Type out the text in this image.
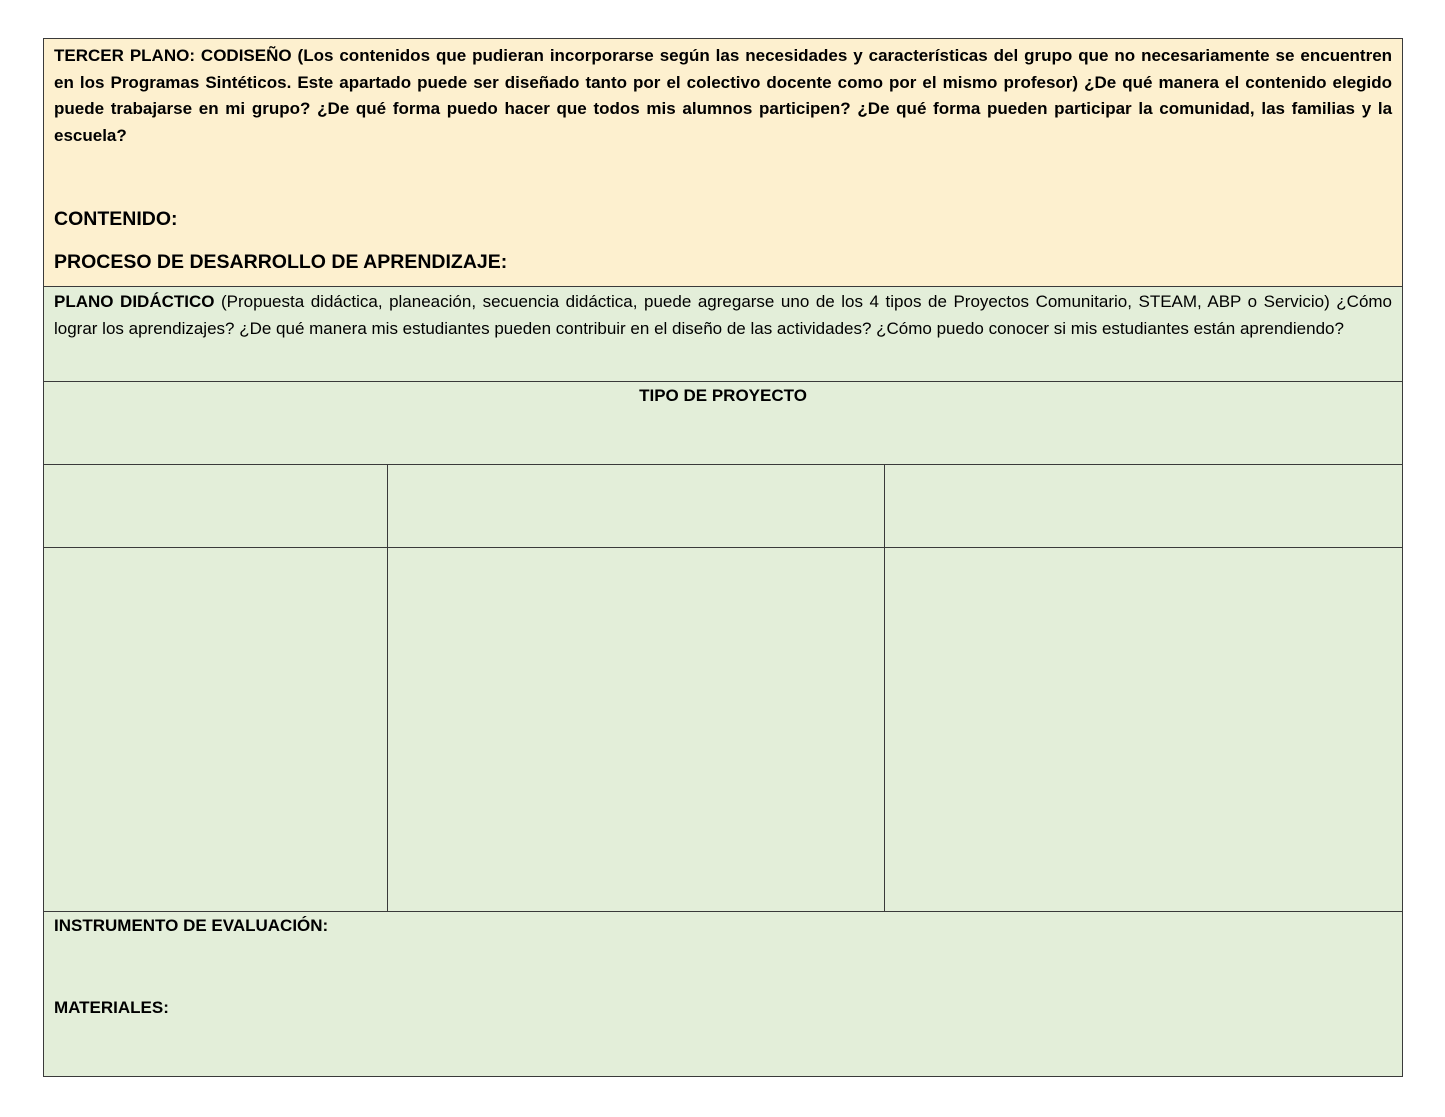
TERCER PLANO: CODISEÑO (Los contenidos que pudieran incorporarse según las necesidades y características del grupo que no necesariamente se encuentren en los Programas Sintéticos. Este apartado puede ser diseñado tanto por el colectivo docente como por el mismo profesor) ¿De qué manera el contenido elegido puede trabajarse en mi grupo? ¿De qué forma puedo hacer que todos mis alumnos participen? ¿De qué forma pueden participar la comunidad, las familias y la escuela?

CONTENIDO:

PROCESO DE DESARROLLO DE APRENDIZAJE:		

PLANO DIDÁCTICO (Propuesta didáctica, planeación, secuencia didáctica, puede agregarse uno de los 4 tipos de Proyectos Comunitario, STEAM, ABP o Servicio) ¿Cómo lograr los aprendizajes? ¿De qué manera mis estudiantes pueden contribuir en el diseño de las actividades? ¿Cómo puedo conocer si mis estudiantes están aprendiendo?		

TIPO DE PROYECTO		

INSTRUMENTO DE EVALUACIÓN:

MATERIALES:		
